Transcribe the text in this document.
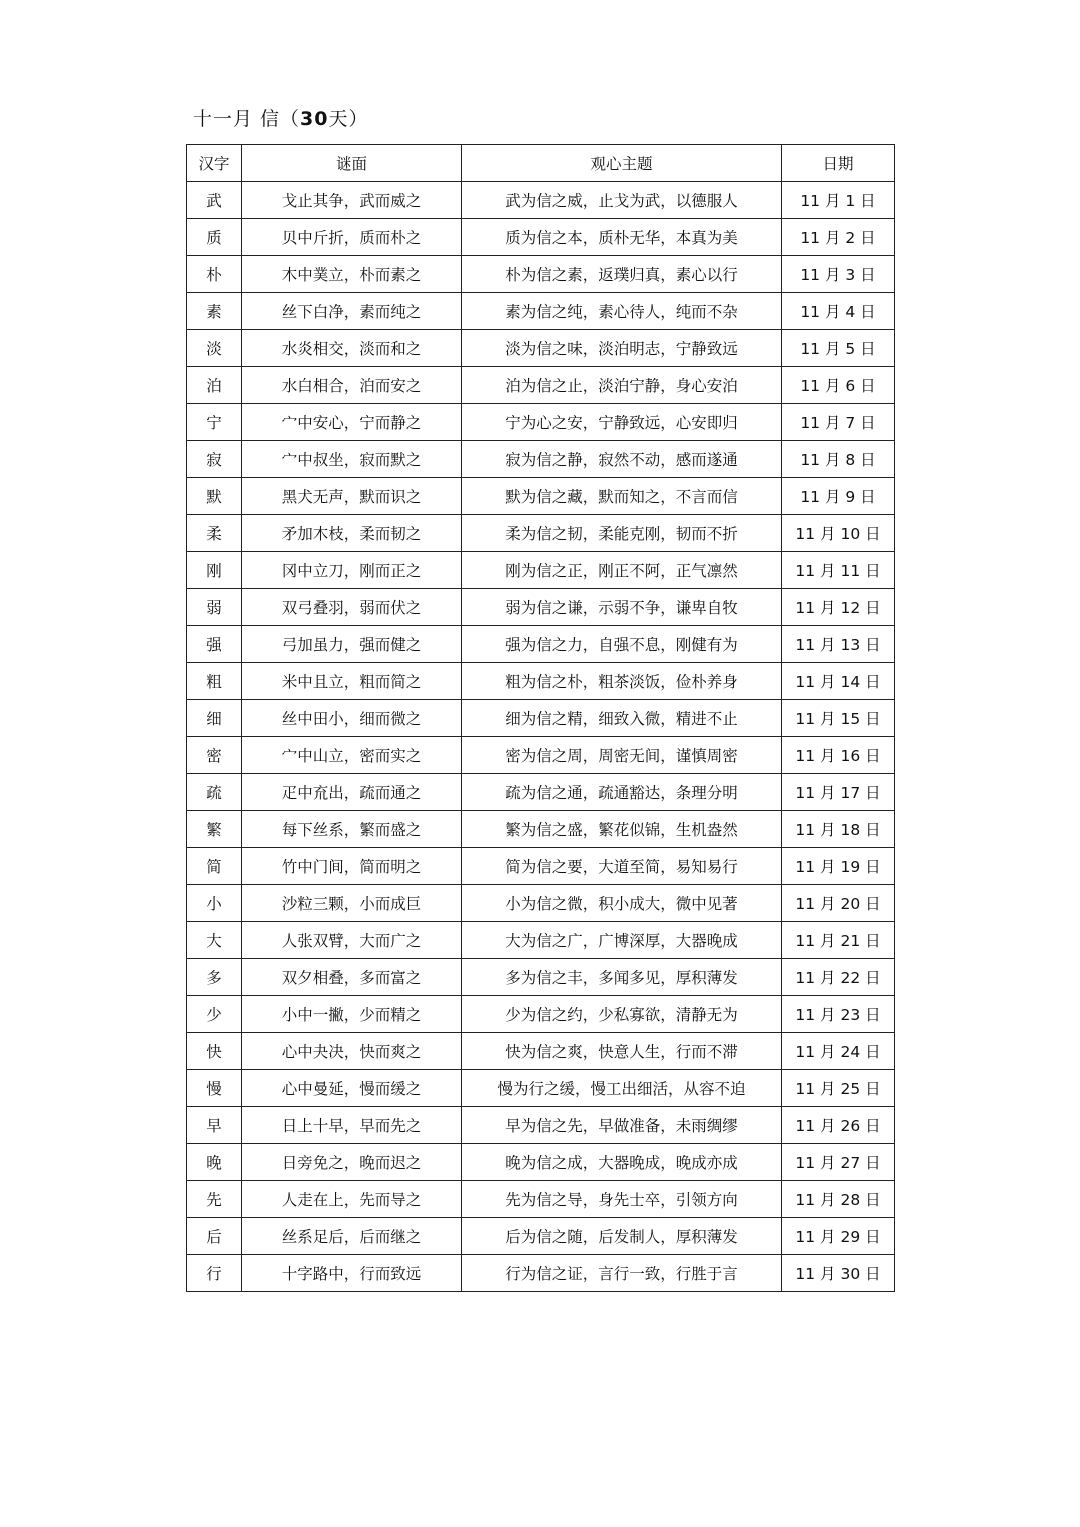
十一月 信（30天）
汉字	谜面	观心主题	日期
武	戈止其争，武而威之	武为信之威，止戈为武，以德服人	11 月 1 日
质	贝中斤折，质而朴之	质为信之本，质朴无华，本真为美	11 月 2 日
朴	木中菐立，朴而素之	朴为信之素，返璞归真，素心以行	11 月 3 日
素	丝下白净，素而纯之	素为信之纯，素心待人，纯而不杂	11 月 4 日
淡	水炎相交，淡而和之	淡为信之味，淡泊明志，宁静致远	11 月 5 日
泊	水白相合，泊而安之	泊为信之止，淡泊宁静，身心安泊	11 月 6 日
宁	宀中安心，宁而静之	宁为心之安，宁静致远，心安即归	11 月 7 日
寂	宀中叔坐，寂而默之	寂为信之静，寂然不动，感而遂通	11 月 8 日
默	黑犬无声，默而识之	默为信之藏，默而知之，不言而信	11 月 9 日
柔	矛加木枝，柔而韧之	柔为信之韧，柔能克刚，韧而不折	11 月 10 日
刚	冈中立刀，刚而正之	刚为信之正，刚正不阿，正气凛然	11 月 11 日
弱	双弓叠羽，弱而伏之	弱为信之谦，示弱不争，谦卑自牧	11 月 12 日
强	弓加虽力，强而健之	强为信之力，自强不息，刚健有为	11 月 13 日
粗	米中且立，粗而简之	粗为信之朴，粗茶淡饭，俭朴养身	11 月 14 日
细	丝中田小，细而微之	细为信之精，细致入微，精进不止	11 月 15 日
密	宀中山立，密而实之	密为信之周，周密无间，谨慎周密	11 月 16 日
疏	疋中㐬出，疏而通之	疏为信之通，疏通豁达，条理分明	11 月 17 日
繁	每下丝系，繁而盛之	繁为信之盛，繁花似锦，生机盎然	11 月 18 日
简	竹中门间，简而明之	简为信之要，大道至简，易知易行	11 月 19 日
小	沙粒三颗，小而成巨	小为信之微，积小成大，微中见著	11 月 20 日
大	人张双臂，大而广之	大为信之广，广博深厚，大器晚成	11 月 21 日
多	双夕相叠，多而富之	多为信之丰，多闻多见，厚积薄发	11 月 22 日
少	小中一撇，少而精之	少为信之约，少私寡欲，清静无为	11 月 23 日
快	心中夬决，快而爽之	快为信之爽，快意人生，行而不滞	11 月 24 日
慢	心中曼延，慢而缓之	慢为行之缓，慢工出细活，从容不迫	11 月 25 日
早	日上十早，早而先之	早为信之先，早做准备，未雨绸缪	11 月 26 日
晚	日旁免之，晚而迟之	晚为信之成，大器晚成，晚成亦成	11 月 27 日
先	人走在上，先而导之	先为信之导，身先士卒，引领方向	11 月 28 日
后	丝系足后，后而继之	后为信之随，后发制人，厚积薄发	11 月 29 日
行	十字路中，行而致远	行为信之证，言行一致，行胜于言	11 月 30 日
